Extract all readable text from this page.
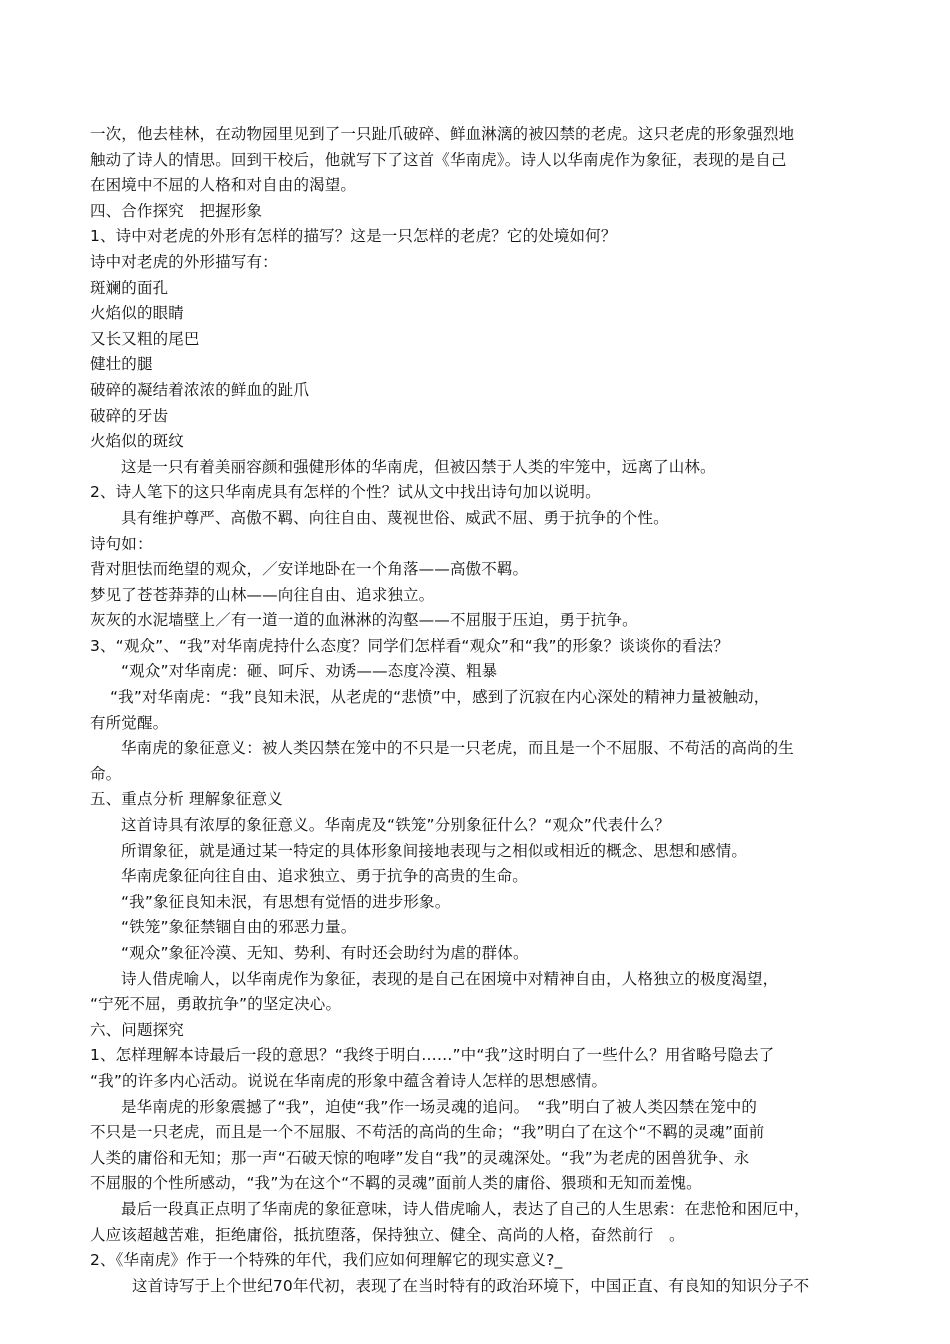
一次，他去桂林，在动物园里见到了一只趾爪破碎、鲜血淋漓的被囚禁的老虎。这只老虎的形象强烈地
触动了诗人的情思。回到干校后，他就写下了这首《华南虎》。诗人以华南虎作为象征，表现的是自己
在困境中不屈的人格和对自由的渴望。
四、合作探究　把握形象
1、诗中对老虎的外形有怎样的描写？这是一只怎样的老虎？它的处境如何？
诗中对老虎的外形描写有：
斑斓的面孔
火焰似的眼睛
又长又粗的尾巴
健壮的腿
破碎的凝结着浓浓的鲜血的趾爪
破碎的牙齿
火焰似的斑纹
这是一只有着美丽容颜和强健形体的华南虎，但被囚禁于人类的牢笼中，远离了山林。
2、诗人笔下的这只华南虎具有怎样的个性？试从文中找出诗句加以说明。
具有维护尊严、高傲不羁、向往自由、蔑视世俗、威武不屈、勇于抗争的个性。
诗句如：
背对胆怯而绝望的观众，／安详地卧在一个角落——高傲不羁。
梦见了苍苍莽莽的山林——向往自由、追求独立。
灰灰的水泥墙壁上／有一道一道的血淋淋的沟壑——不屈服于压迫，勇于抗争。
3、“观众”、“我”对华南虎持什么态度？同学们怎样看“观众”和“我”的形象？谈谈你的看法？
“观众”对华南虎：砸、呵斥、劝诱——态度冷漠、粗暴
“我”对华南虎：“我”良知未泯，从老虎的“悲愤”中，感到了沉寂在内心深处的精神力量被触动，
有所觉醒。
华南虎的象征意义：被人类囚禁在笼中的不只是一只老虎，而且是一个不屈服、不苟活的高尚的生
命。
五、重点分析 理解象征意义
这首诗具有浓厚的象征意义。华南虎及“铁笼”分别象征什么？“观众”代表什么？
所谓象征，就是通过某一特定的具体形象间接地表现与之相似或相近的概念、思想和感情。
华南虎象征向往自由、追求独立、勇于抗争的高贵的生命。
“我”象征良知未泯，有思想有觉悟的进步形象。
“铁笼”象征禁锢自由的邪恶力量。
“观众”象征冷漠、无知、势利、有时还会助纣为虐的群体。
诗人借虎喻人，以华南虎作为象征，表现的是自己在困境中对精神自由，人格独立的极度渴望，
“宁死不屈，勇敢抗争”的坚定决心。
六、问题探究
1、怎样理解本诗最后一段的意思？“我终于明白……”中“我”这时明白了一些什么？用省略号隐去了
“我”的许多内心活动。说说在华南虎的形象中蕴含着诗人怎样的思想感情。
是华南虎的形象震撼了“我”，迫使“我”作一场灵魂的追问。　“我”明白了被人类囚禁在笼中的
不只是一只老虎，而且是一个不屈服、不苟活的高尚的生命；“我”明白了在这个“不羁的灵魂”面前
人类的庸俗和无知；那一声“石破天惊的咆哮”发自“我”的灵魂深处。“我”为老虎的困兽犹争、永
不屈服的个性所感动，“我”为在这个“不羁的灵魂”面前人类的庸俗、猥琐和无知而羞愧。
最后一段真正点明了华南虎的象征意味，诗人借虎喻人，表达了自己的人生思索：在悲怆和困厄中，
人应该超越苦难，拒绝庸俗，抵抗堕落，保持独立、健全、高尚的人格，奋然前行　。
2、《华南虎》作于一个特殊的年代，我们应如何理解它的现实意义?_
这首诗写于上个世纪70年代初，表现了在当时特有的政治环境下，中国正直、有良知的知识分子不
